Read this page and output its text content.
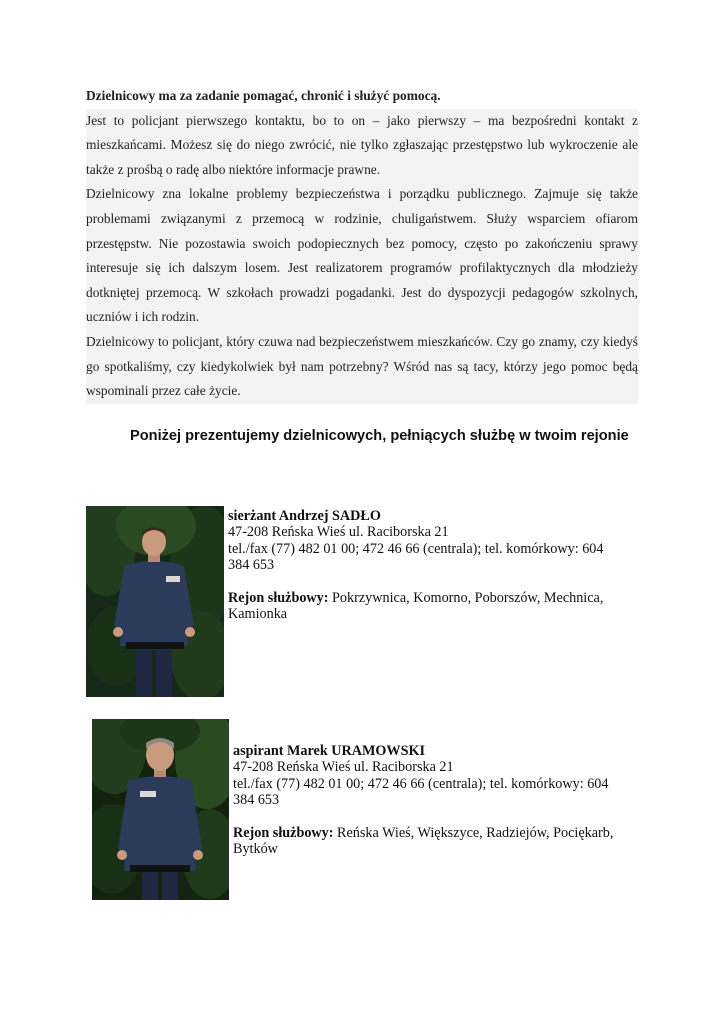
Dzielnicowy ma za zadanie pomagać, chronić i służyć pomocą.

Jest to policjant pierwszego kontaktu, bo to on – jako pierwszy – ma bezpośredni kontakt z mieszkańcami. Możesz się do niego zwrócić, nie tylko zgłaszając przestępstwo lub wykroczenie ale także z prośbą o radę albo niektóre informacje prawne.

Dzielnicowy zna lokalne problemy bezpieczeństwa i porządku publicznego. Zajmuje się także problemami związanymi z przemocą w rodzinie, chuligaństwem. Służy wsparciem ofiarom przestępstw. Nie pozostawia swoich podopiecznych bez pomocy, często po zakończeniu sprawy interesuje się ich dalszym losem. Jest realizatorem programów profilaktycznych dla młodzieży dotkniętej przemocą. W szkołach prowadzi pogadanki. Jest do dyspozycji pedagogów szkolnych, uczniów i ich rodzin.

Dzielnicowy to policjant, który czuwa nad bezpieczeństwem mieszkańców. Czy go znamy, czy kiedyś go spotkaliśmy, czy kiedykolwiek był nam potrzebny? Wśród nas są tacy, którzy jego pomoc będą wspominali przez całe życie.

Poniżej prezentujemy dzielnicowych, pełniących służbę w twoim rejonie
sierżant Andrzej SADŁO
47-208 Reńska Wieś ul. Raciborska 21
tel./fax (77) 482 01 00; 472 46 66 (centrala); tel. komórkowy: 604
384 653
Rejon służbowy: Pokrzywnica, Komorno, Poborszów, Mechnica,
Kamionka
aspirant Marek URAMOWSKI
47-208 Reńska Wieś ul. Raciborska 21
tel./fax (77) 482 01 00; 472 46 66 (centrala); tel. komórkowy: 604
384 653
Rejon służbowy: Reńska Wieś, Większyce, Radziejów, Pociękarb,
Bytków
